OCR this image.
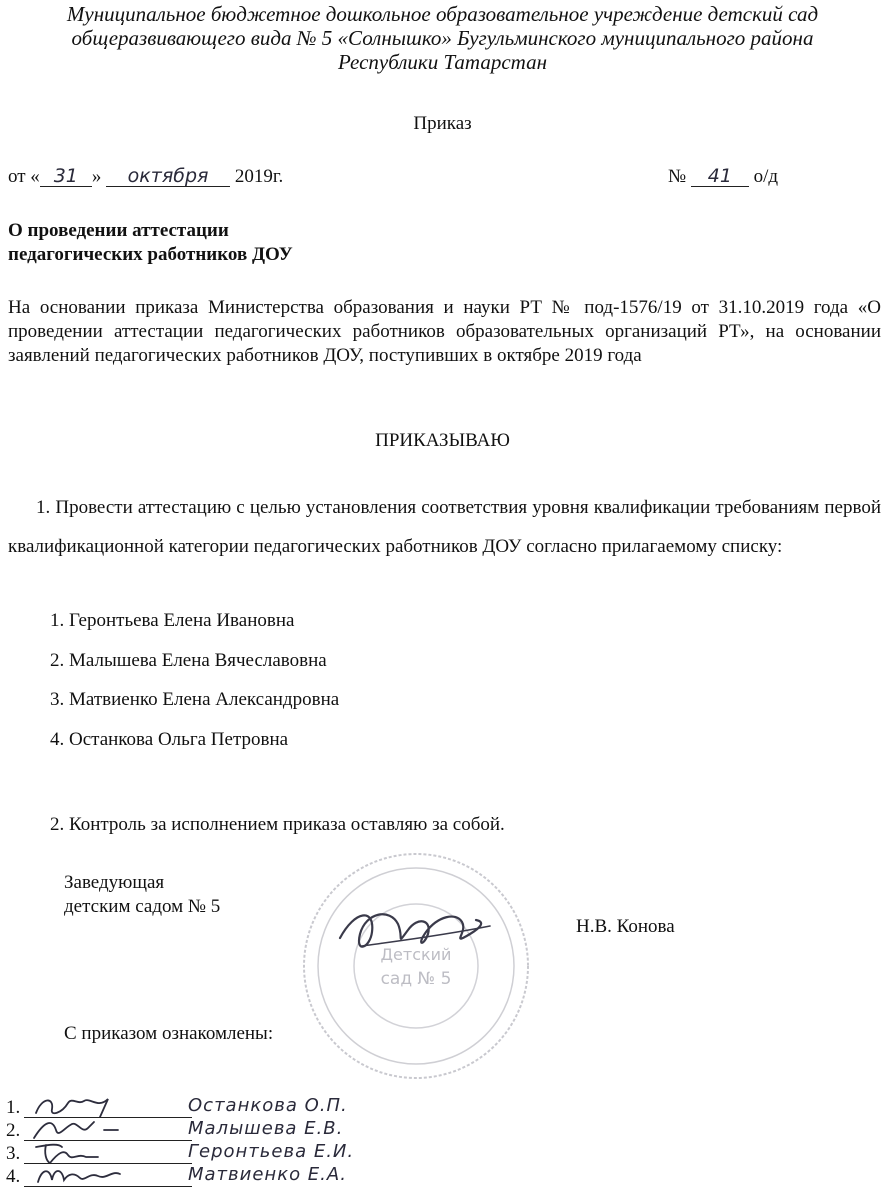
Муниципальное бюджетное дошкольное образовательное учреждение детский сад
общеразвивающего вида № 5 «Солнышко» Бугульминского муниципального района
Республики Татарстан
Приказ
от « 31 » октября 2019г.	№ 41 о/д
О проведении аттестации
педагогических работников ДОУ

На основании приказа Министерства образования и науки РТ № под-1576/19 от 31.10.2019 года «О проведении аттестации педагогических работников образовательных организаций РТ», на основании заявлений педагогических работников ДОУ, поступивших в октябре 2019 года

ПРИКАЗЫВАЮ

1. Провести аттестацию с целью установления соответствия уровня квалификации требованиям первой квалификационной категории педагогических работников ДОУ согласно прилагаемому списку:

1. Геронтьева Елена Ивановна
2. Малышева Елена Вячеславовна
3. Матвиенко Елена Александровна
4. Останкова Ольга Петровна
2. Контроль за исполнением приказа оставляю за собой.
Заведующая
детским садом № 5
Детский
сад № 5
Н.В. Конова
С приказом ознакомлены:
1.	Останкова О.П.
2.	Малышева Е.В.
3.	Геронтьева Е.И.
4.	Матвиенко Е.А.
